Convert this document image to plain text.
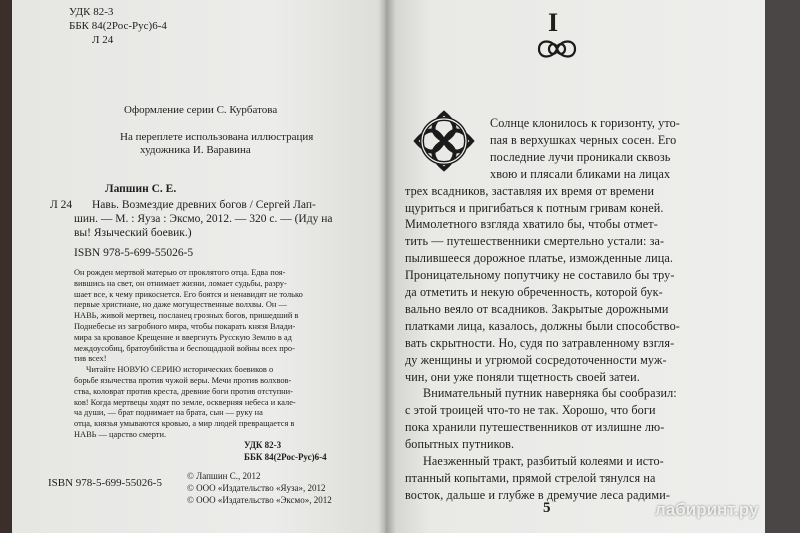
УДК 82-3
ББК 84(2Рос-Рус)6-4
Л 24
Оформление серии С. Курбатова
На переплете использована иллюстрация
художника И. Варавина
Лапшин С. Е.
Л 24 Навь. Возмездие древних богов / Сергей Лап-
шин. — М. : Яуза : Эксмо, 2012. — 320 с. — (Иду на
вы! Языческий боевик.)
ISBN 978-5-699-55026-5

Он рожден мертвой матерью от проклятого отца. Едва поя-

вившись на свет, он отнимает жизни, ломает судьбы, разру-

шает все, к чему прикоснется. Его боятся и ненавидят не только

первые христиане, но даже могущественные волхвы. Он —

НАВЬ, живой мертвец, посланец грозных богов, пришедший в

Поднебесье из загробного мира, чтобы покарать князя Влади-

мира за кровавое Крещение и ввергнуть Русскую Землю в ад

междоусобиц, братоубийства и беспощадной войны всех про-

тив всех!

Читайте НОВУЮ СЕРИЮ исторических боевиков о

борьбе язычества против чужой веры. Мечи против волхвов-

ства, коловрат против креста, древние боги против отступни-

ков! Когда мертвецы ходят по земле, оскверняя небеса и кале-

ча души, — брат поднимает на брата, сын — руку на

отца, князья умываются кровью, а мир людей превращается в

НАВЬ — царство смерти.

УДК 82-3
ББК 84(2Рос-Рус)6-4
ISBN 978-5-699-55026-5
© Лапшин С., 2012
© ООО «Издательство «Яуза», 2012
© ООО «Издательство «Эксмо», 2012
I

Солнце клонилось к горизонту, уто-

пая в верхушках черных сосен. Его

последние лучи проникали сквозь

хвою и плясали бликами на лицах

трех всадников, заставляя их время от времени

щуриться и пригибаться к потным гривам коней.

Мимолетного взгляда хватило бы, чтобы отмет-

тить — путешественники смертельно устали: за-

пылившееся дорожное платье, изможденные лица.

Проницательному попутчику не составило бы тру-

да отметить и некую обреченность, которой бук-

вально веяло от всадников. Закрытые дорожными

платками лица, казалось, должны были способство-

вать скрытности. Но, судя по затравленному взгля-

ду женщины и угрюмой сосредоточенности муж-

чин, они уже поняли тщетность своей затеи.

Внимательный путник наверняка бы сообразил:

с этой троицей что-то не так. Хорошо, что боги

пока хранили путешественников от излишне лю-

бопытных путников.

Наезженный тракт, разбитый колеями и исто-

птанный копытами, прямой стрелой тянулся на

восток, дальше и глубже в дремучие леса радими-

5	лабиринт.ру
